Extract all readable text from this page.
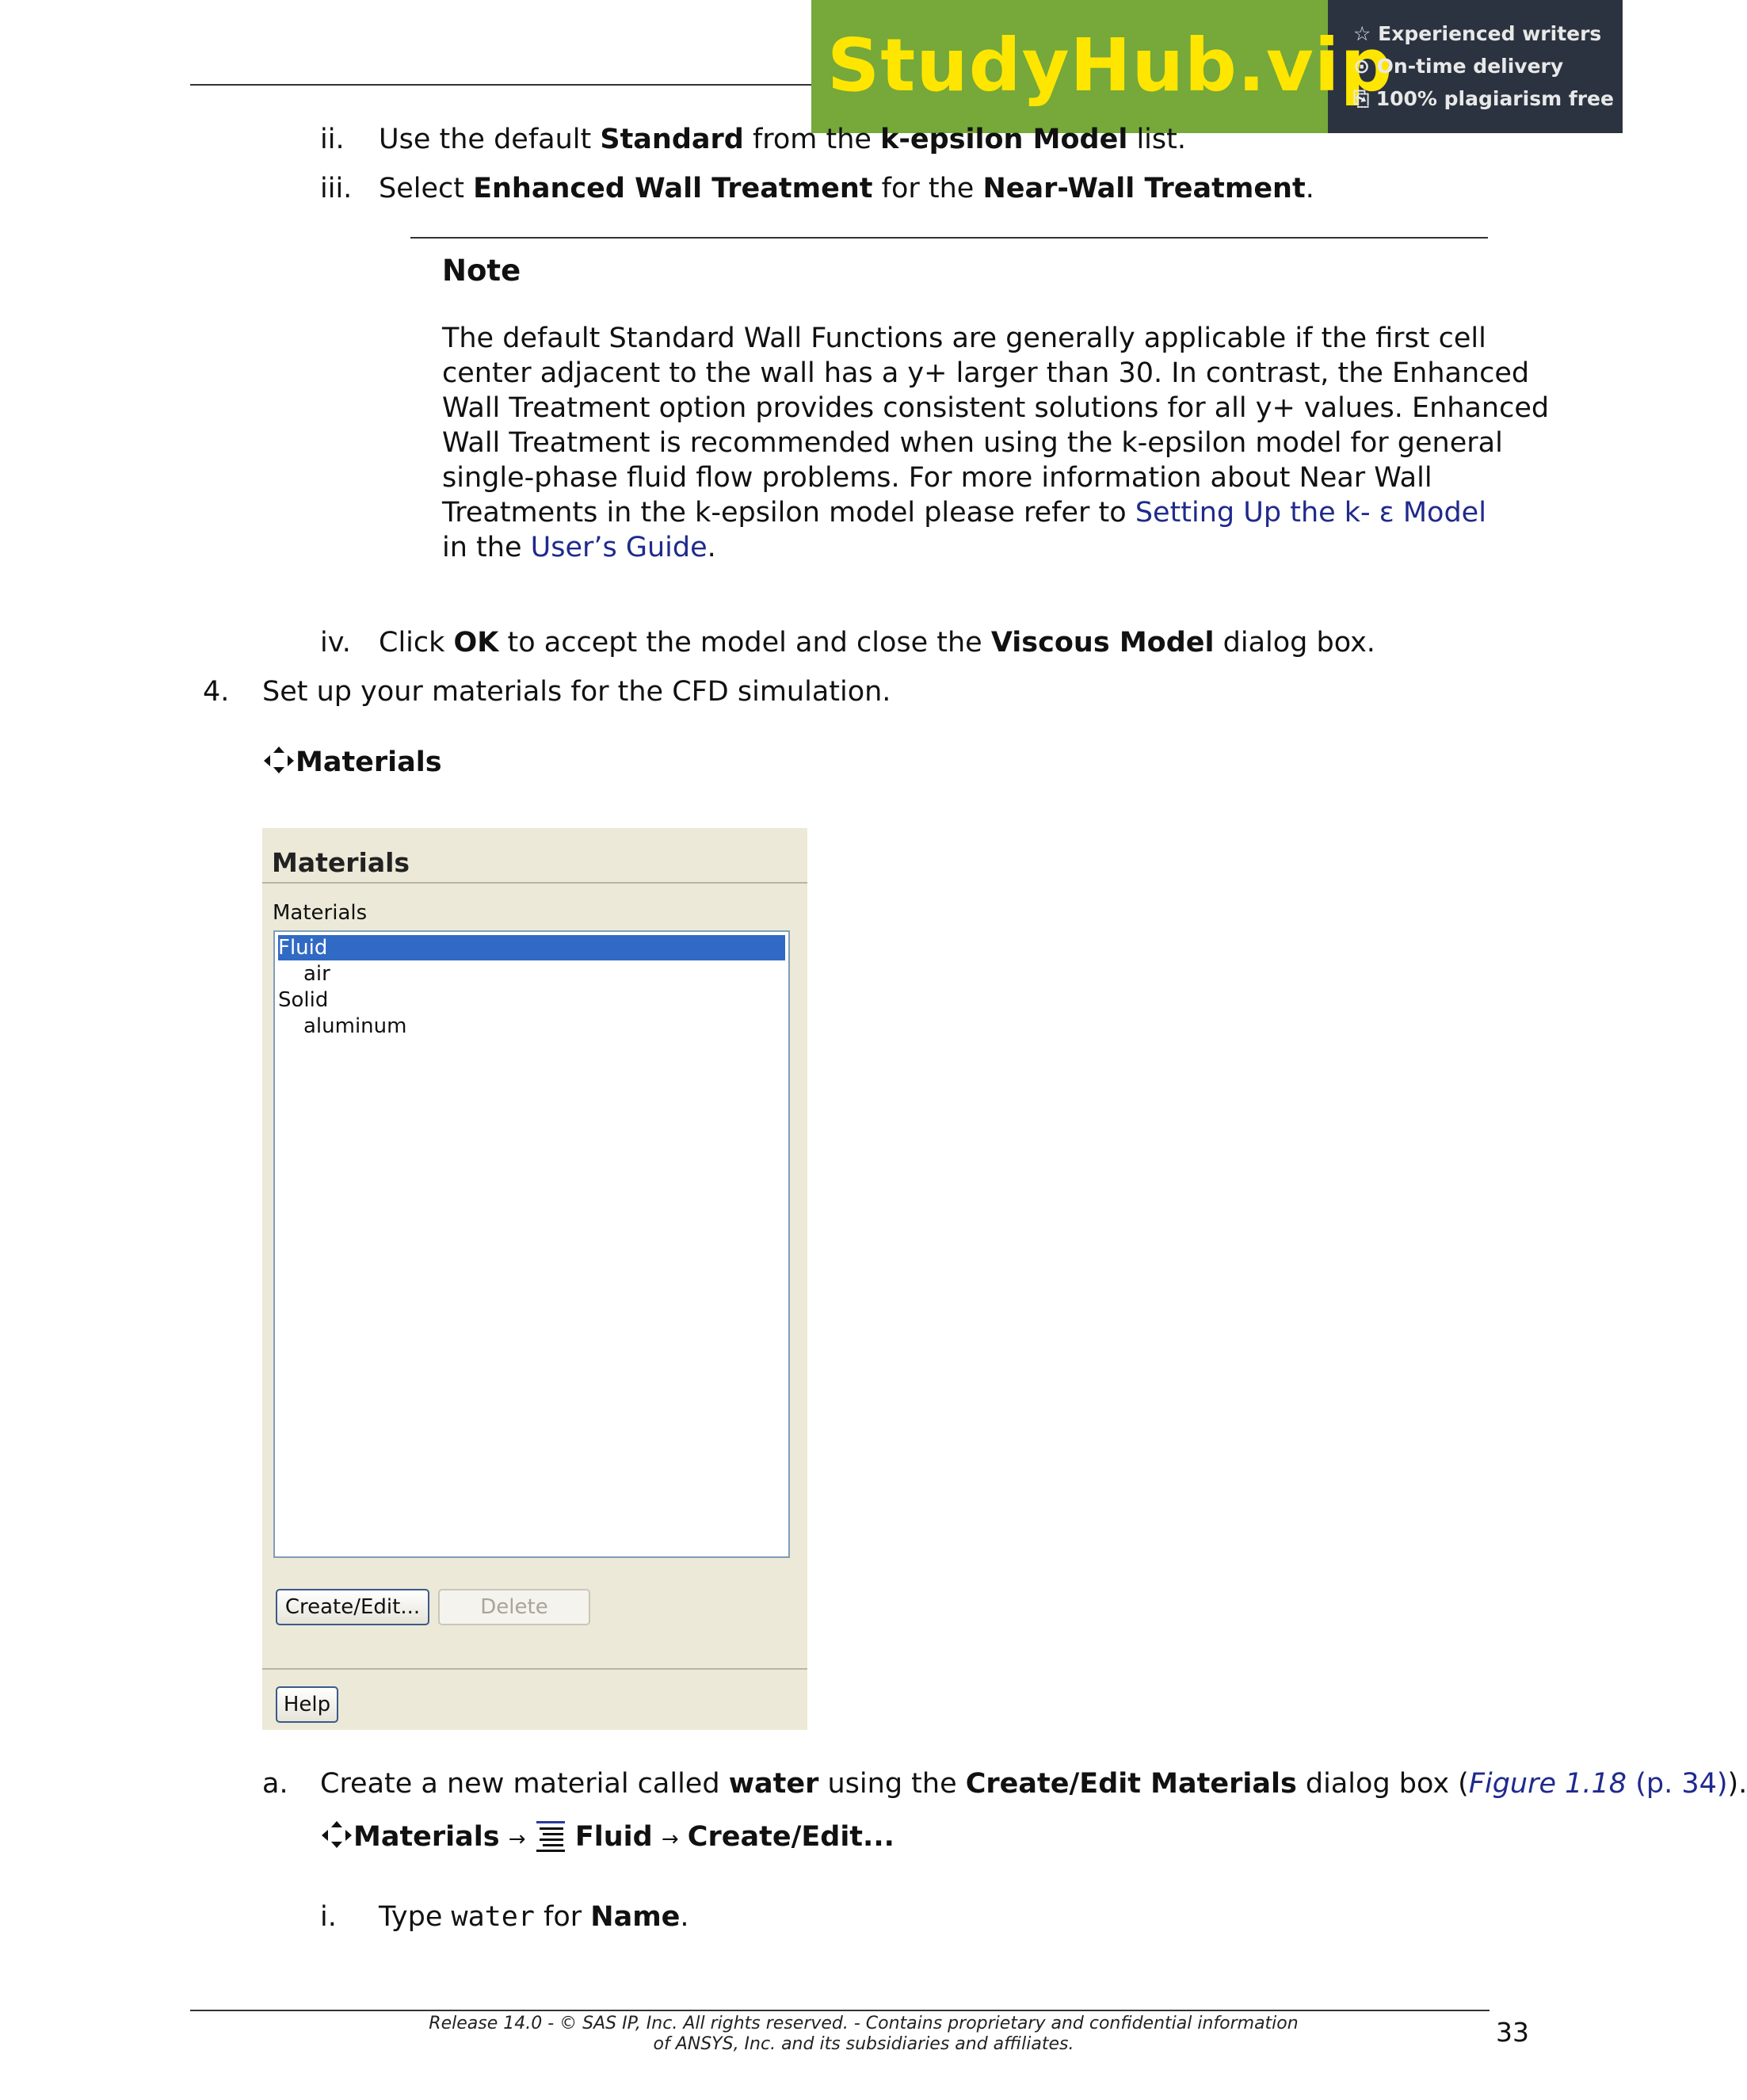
StudyHub.vip
☆ Experienced writers
⊙ On-time delivery
⎘ 100% plagiarism free
ii. Use the default Standard from the k-epsilon Model list.
iii. Select Enhanced Wall Treatment for the Near-Wall Treatment.
Note
The default Standard Wall Functions are generally applicable if the first cell
center adjacent to the wall has a y+ larger than 30. In contrast, the Enhanced
Wall Treatment option provides consistent solutions for all y+ values. Enhanced
Wall Treatment is recommended when using the k-epsilon model for general
single-phase fluid flow problems. For more information about Near Wall
Treatments in the k-epsilon model please refer to Setting Up the k- ε Model
in the User’s Guide.
iv. Click OK to accept the model and close the Viscous Model dialog box.
4. Set up your materials for the CFD simulation.
Materials
Materials
Materials
Fluid
air
Solid
aluminum
Create/Edit...	Delete
Help
a. Create a new material called water using the Create/Edit Materials dialog box (Figure 1.18 (p. 34)).
Materials → Fluid → Create/Edit...
i. Type water for Name.
Release 14.0 - © SAS IP, Inc. All rights reserved. - Contains proprietary and confidential information
of ANSYS, Inc. and its subsidiaries and affiliates.	33
